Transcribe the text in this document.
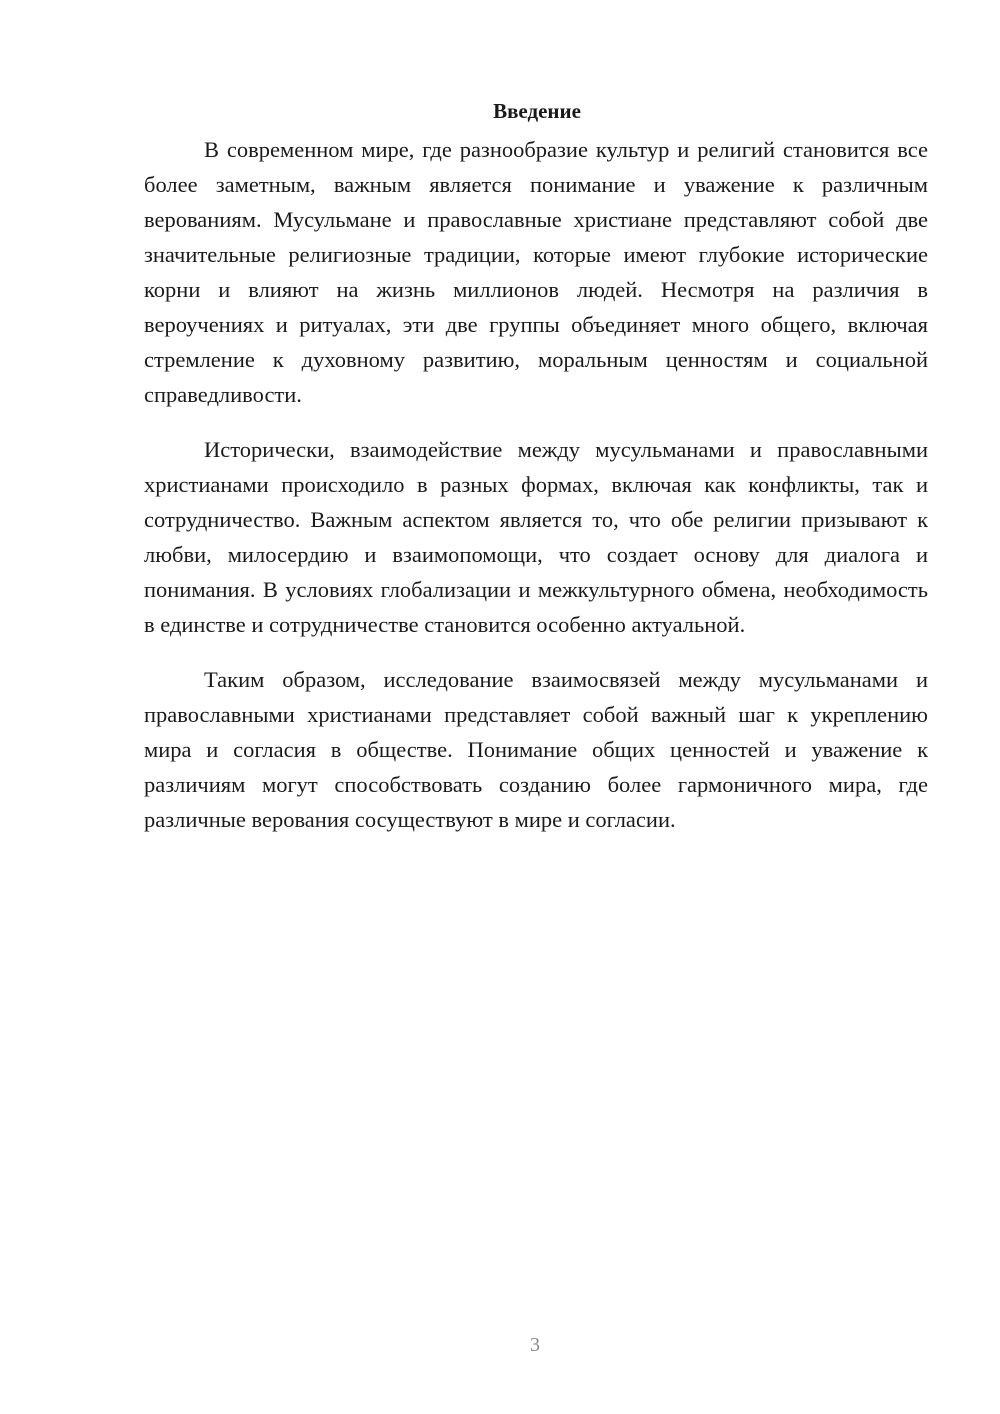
Введение

В современном мире, где разнообразие культур и религий становится все более заметным, важным является понимание и уважение к различным верованиям. Мусульмане и православные христиане представляют собой две значительные религиозные традиции, которые имеют глубокие исторические корни и влияют на жизнь миллионов людей. Несмотря на различия в вероучениях и ритуалах, эти две группы объединяет много общего, включая стремление к духовному развитию, моральным ценностям и социальной справедливости.

Исторически, взаимодействие между мусульманами и православными христианами происходило в разных формах, включая как конфликты, так и сотрудничество. Важным аспектом является то, что обе религии призывают к любви, милосердию и взаимопомощи, что создает основу для диалога и понимания. В условиях глобализации и межкультурного обмена, необходимость в единстве и сотрудничестве становится особенно актуальной.

Таким образом, исследование взаимосвязей между мусульманами и православными христианами представляет собой важный шаг к укреплению мира и согласия в обществе. Понимание общих ценностей и уважение к различиям могут способствовать созданию более гармоничного мира, где различные верования сосуществуют в мире и согласии.

3
